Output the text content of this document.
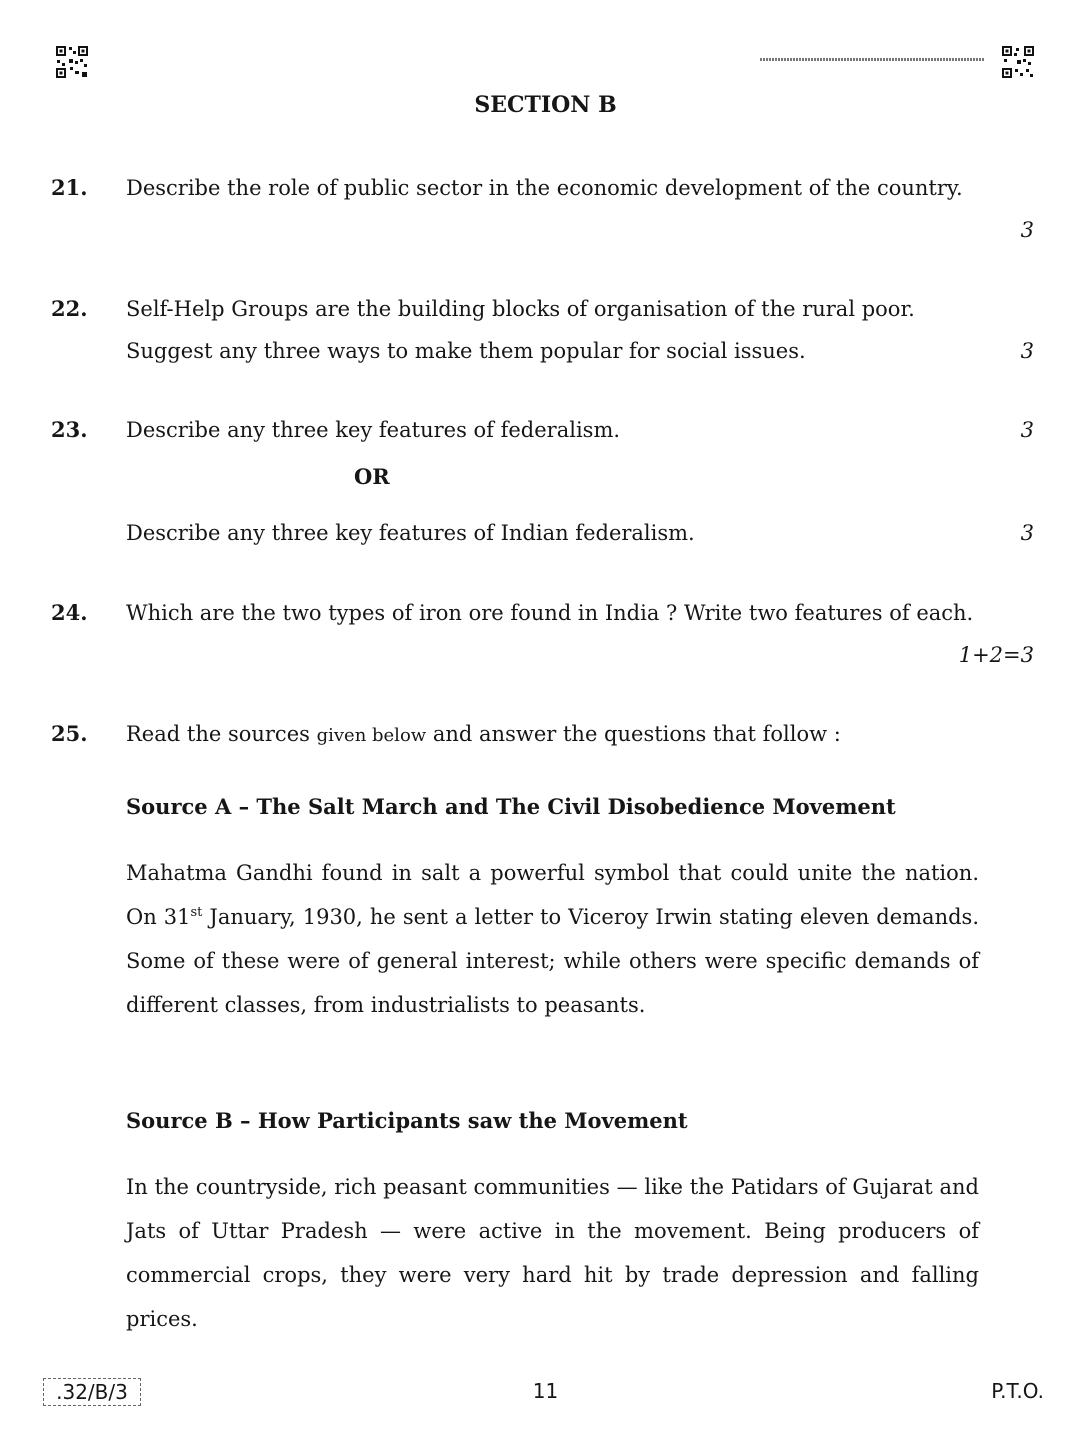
SECTION B
21. Describe the role of public sector in the economic development of the country.
3
22. Self-Help Groups are the building blocks of organisation of the rural poor. Suggest any three ways to make them popular for social issues.	3
23. Describe any three key features of federalism.	3
OR
Describe any three key features of Indian federalism.	3
24. Which are the two types of iron ore found in India ? Write two features of each.
1+2=3
25. Read the sources given below and answer the questions that follow :
Source A – The Salt March and The Civil Disobedience Movement
Mahatma Gandhi found in salt a powerful symbol that could unite the nation. On 31st January, 1930, he sent a letter to Viceroy Irwin stating eleven demands. Some of these were of general interest; while others were specific demands of different classes, from industrialists to peasants.
Source B – How Participants saw the Movement
In the countryside, rich peasant communities — like the Patidars of Gujarat and Jats of Uttar Pradesh — were active in the movement. Being producers of commercial crops, they were very hard hit by trade depression and falling prices.
.32/B/3	11	P.T.O.
